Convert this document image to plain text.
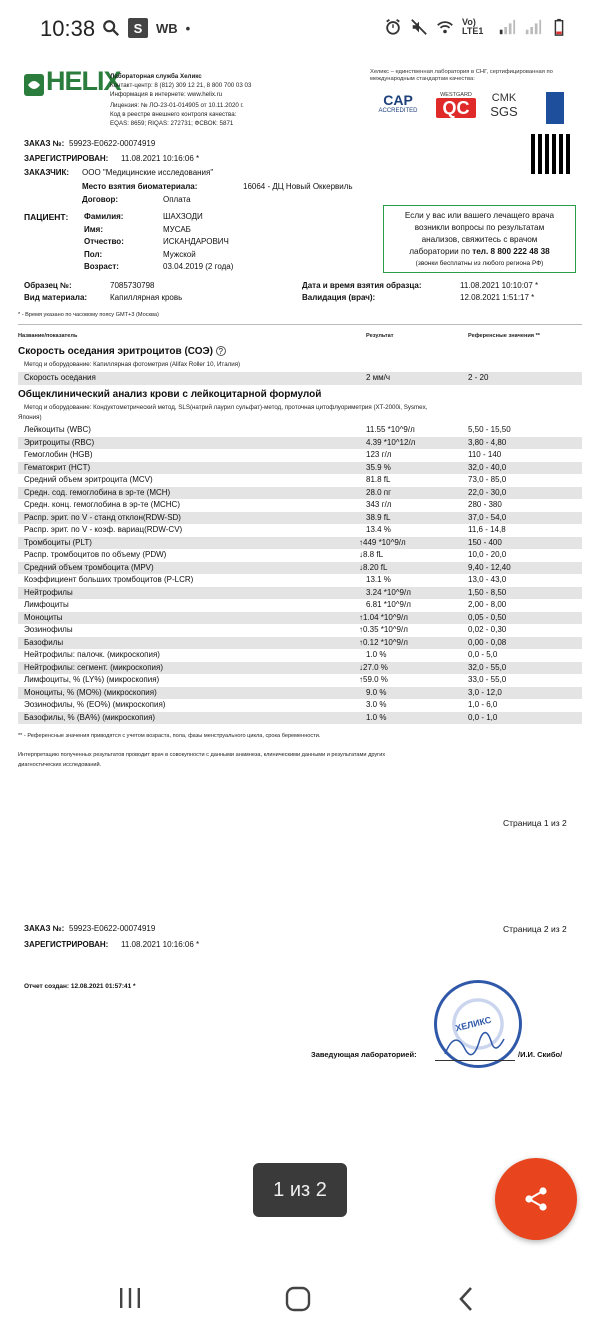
10:38	S	WB •	Vo) LTE1
HELIX
Лабораторная служба Хеликс
Контакт-центр: 8 (812) 309 12 21, 8 800 700 03 03
Информация в интернете: www.helix.ru
Лицензия: № ЛО-23-01-014905 от 10.11.2020 г.
Код в реестре внешнего контроля качества:
EQAS: 8659; RIQAS: 272731; ФСВОК: 5871
Хеликс – единственная лаборатория в СНГ, сертифицированная по международным стандартам качества:
CAP
ACCREDITED
WESTGARD
QC	CMK
SGS
ЗАКАЗ №: 59923-E0622-00074919
ЗАРЕГИСТРИРОВАН: 11.08.2021 10:16:06 *
ЗАКАЗЧИК: ООО "Медицинские исследования"
Место взятия биоматериала:	16064 - ДЦ Новый Оккервиль
Договор:	Оплата
ПАЦИЕНТ: Фамилия:	ШАХЗОДИ
Имя:	МУСАБ
Отчество:	ИСКАНДАРОВИЧ
Пол:	Мужской
Возраст:	03.04.2019 (2 года)
Если у вас или вашего лечащего врача
возникли вопросы по результатам
анализов, свяжитесь с врачом
лаборатории по тел. 8 800 222 48 38
(звонки бесплатны из любого региона РФ)
Образец №:	7085730798
Вид материала:	Капиллярная кровь
Дата и время взятия образца:	11.08.2021 10:10:07 *
Валидация (врач):	12.08.2021 1:51:17 *
* - Время указано по часовому поясу GMT+3 (Москва)
Название/показатель	Результат	Референсные значения **
Скорость оседания эритроцитов (СОЭ) ?
Метод и оборудование: Капиллярная фотометрия (Alifax Roller 10, Италия)
Скорость оседания	2 мм/ч	2 - 20
Общеклинический анализ крови с лейкоцитарной формулой
Метод и оборудование: Кондуктометрический метод, SLS(натрий лаурил сульфат)-метод, проточная цитофлуориметрия (XT-2000i, Sysmex,
Япония)
Лейкоциты (WBC)	11.55 *10^9/л	5,50 - 15,50
Эритроциты (RBC)	4.39 *10^12/л	3,80 - 4,80
Гемоглобин (HGB)	123 г/л	110 - 140
Гематокрит (HCT)	35.9 %	32,0 - 40,0
Средний объем эритроцита (MCV)	81.8 fL	73,0 - 85,0
Средн. сод. гемоглобина в эр-те (MCH)	28.0 пг	22,0 - 30,0
Средн. конц. гемоглобина в эр-те (MCHC)	343 г/л	280 - 380
Распр. эрит. по V - станд отклон(RDW-SD)	38.9 fL	37,0 - 54,0
Распр. эрит. по V - коэф. вариац(RDW-CV)	13.4 %	11,6 - 14,8
Тромбоциты (PLT)	↑449 *10^9/л	150 - 400
Распр. тромбоцитов по объему (PDW)	↓8.8 fL	10,0 - 20,0
Средний объем тромбоцита (MPV)	↓8.20 fL	9,40 - 12,40
Коэффициент больших тромбоцитов (P-LCR)	13.1 %	13,0 - 43,0
Нейтрофилы	3.24 *10^9/л	1,50 - 8,50
Лимфоциты	6.81 *10^9/л	2,00 - 8,00
Моноциты	↑1.04 *10^9/л	0,05 - 0,50
Эозинофилы	↑0.35 *10^9/л	0,02 - 0,30
Базофилы	↑0.12 *10^9/л	0,00 - 0,08
Нейтрофилы: палочк. (микроскопия)	1.0 %	0,0 - 5,0
Нейтрофилы: сегмент. (микроскопия)	↓27.0 %	32,0 - 55,0
Лимфоциты, % (LY%) (микроскопия)	↑59.0 %	33,0 - 55,0
Моноциты, % (MO%) (микроскопия)	9.0 %	3,0 - 12,0
Эозинофилы, % (EO%) (микроскопия)	3.0 %	1,0 - 6,0
Базофилы, % (BA%) (микроскопия)	1.0 %	0,0 - 1,0
** - Референсные значения приводятся с учетом возраста, пола, фазы менструального цикла, срока беременности.
Интерпретацию полученных результатов проводит врач в совокупности с данными анамнеза, клиническими данными и результатами других
диагностических исследований.
Страница 1 из 2
ЗАКАЗ №: 59923-E0622-00074919
ЗАРЕГИСТРИРОВАН: 11.08.2021 10:16:06 *
Страница 2 из 2
Отчет создан: 12.08.2021 01:57:41 *
ХЕЛИКС
Заведующая лабораторией:	/И.И. Скибо/
1 из 2
